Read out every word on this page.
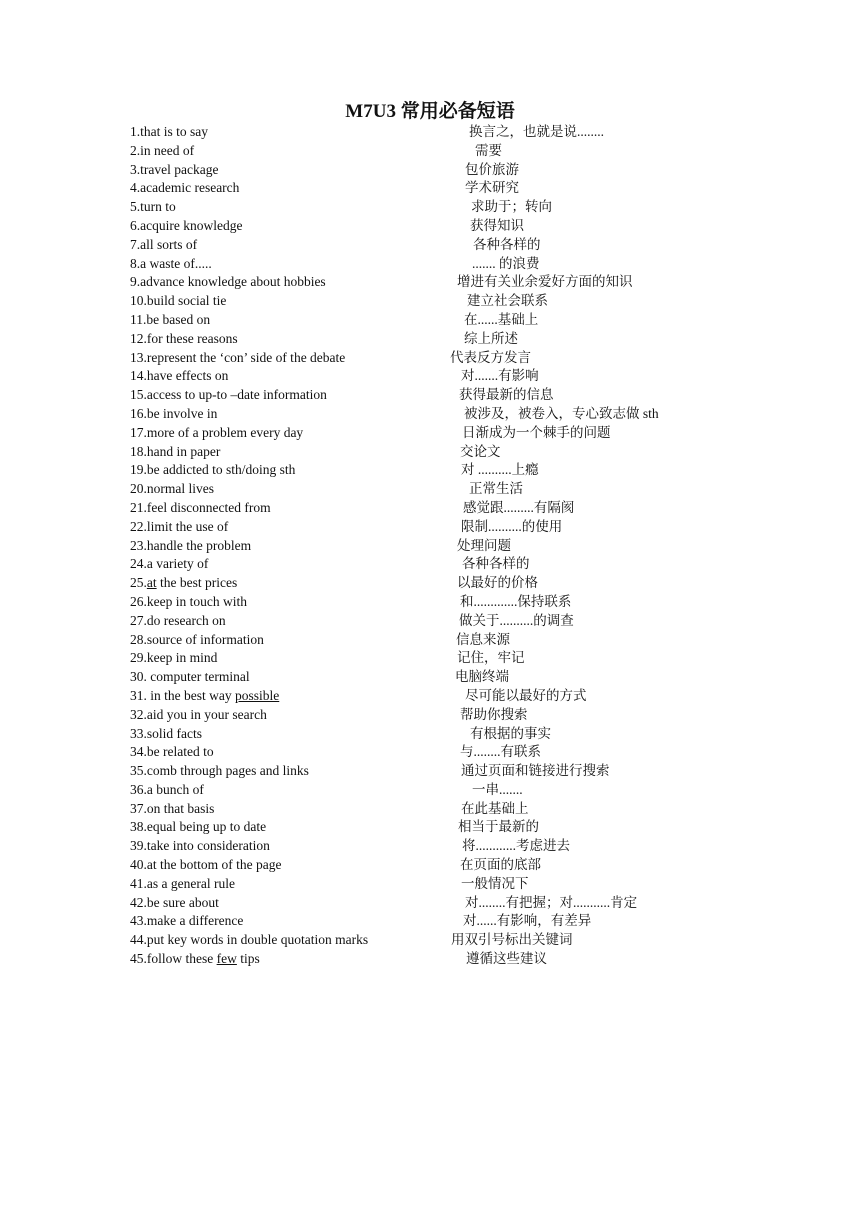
M7U3 常用必备短语
1.that is to say	换言之，也就是说........
2.in need of	需要
3.travel package	包价旅游
4.academic research	学术研究
5.turn to	求助于；转向
6.acquire knowledge	获得知识
7.all sorts of	各种各样的
8.a waste of.....	....... 的浪费
9.advance knowledge about hobbies	增进有关业余爱好方面的知识
10.build social tie	建立社会联系
11.be based on	在......基础上
12.for these reasons	综上所述
13.represent the ‘con’ side of the debate	代表反方发言
14.have effects on	对.......有影响
15.access to up-to –date information	获得最新的信息
16.be involve in	被涉及，被卷入，专心致志做 sth
17.more of a problem every day	日渐成为一个棘手的问题
18.hand in paper	交论文
19.be addicted to sth/doing sth	对 ..........上瘾
20.normal lives	正常生活
21.feel disconnected from	感觉跟.........有隔阂
22.limit the use of	限制..........的使用
23.handle the problem	处理问题
24.a variety of	各种各样的
25.at the best prices	以最好的价格
26.keep in touch with	和.............保持联系
27.do research on	做关于..........的调查
28.source of information	信息来源
29.keep in mind	记住，牢记
30. computer terminal	电脑终端
31. in the best way possible	尽可能以最好的方式
32.aid you in your search	帮助你搜索
33.solid facts	有根据的事实
34.be related to	与........有联系
35.comb through pages and links	通过页面和链接进行搜索
36.a bunch of	一串.......
37.on that basis	在此基础上
38.equal being up to date	相当于最新的
39.take into consideration	将............考虑进去
40.at the bottom of the page	在页面的底部
41.as a general rule	一般情况下
42.be sure about	对........有把握；对...........肯定
43.make a difference	对......有影响，有差异
44.put key words in double quotation marks	用双引号标出关键词
45.follow these few tips	遵循这些建议
